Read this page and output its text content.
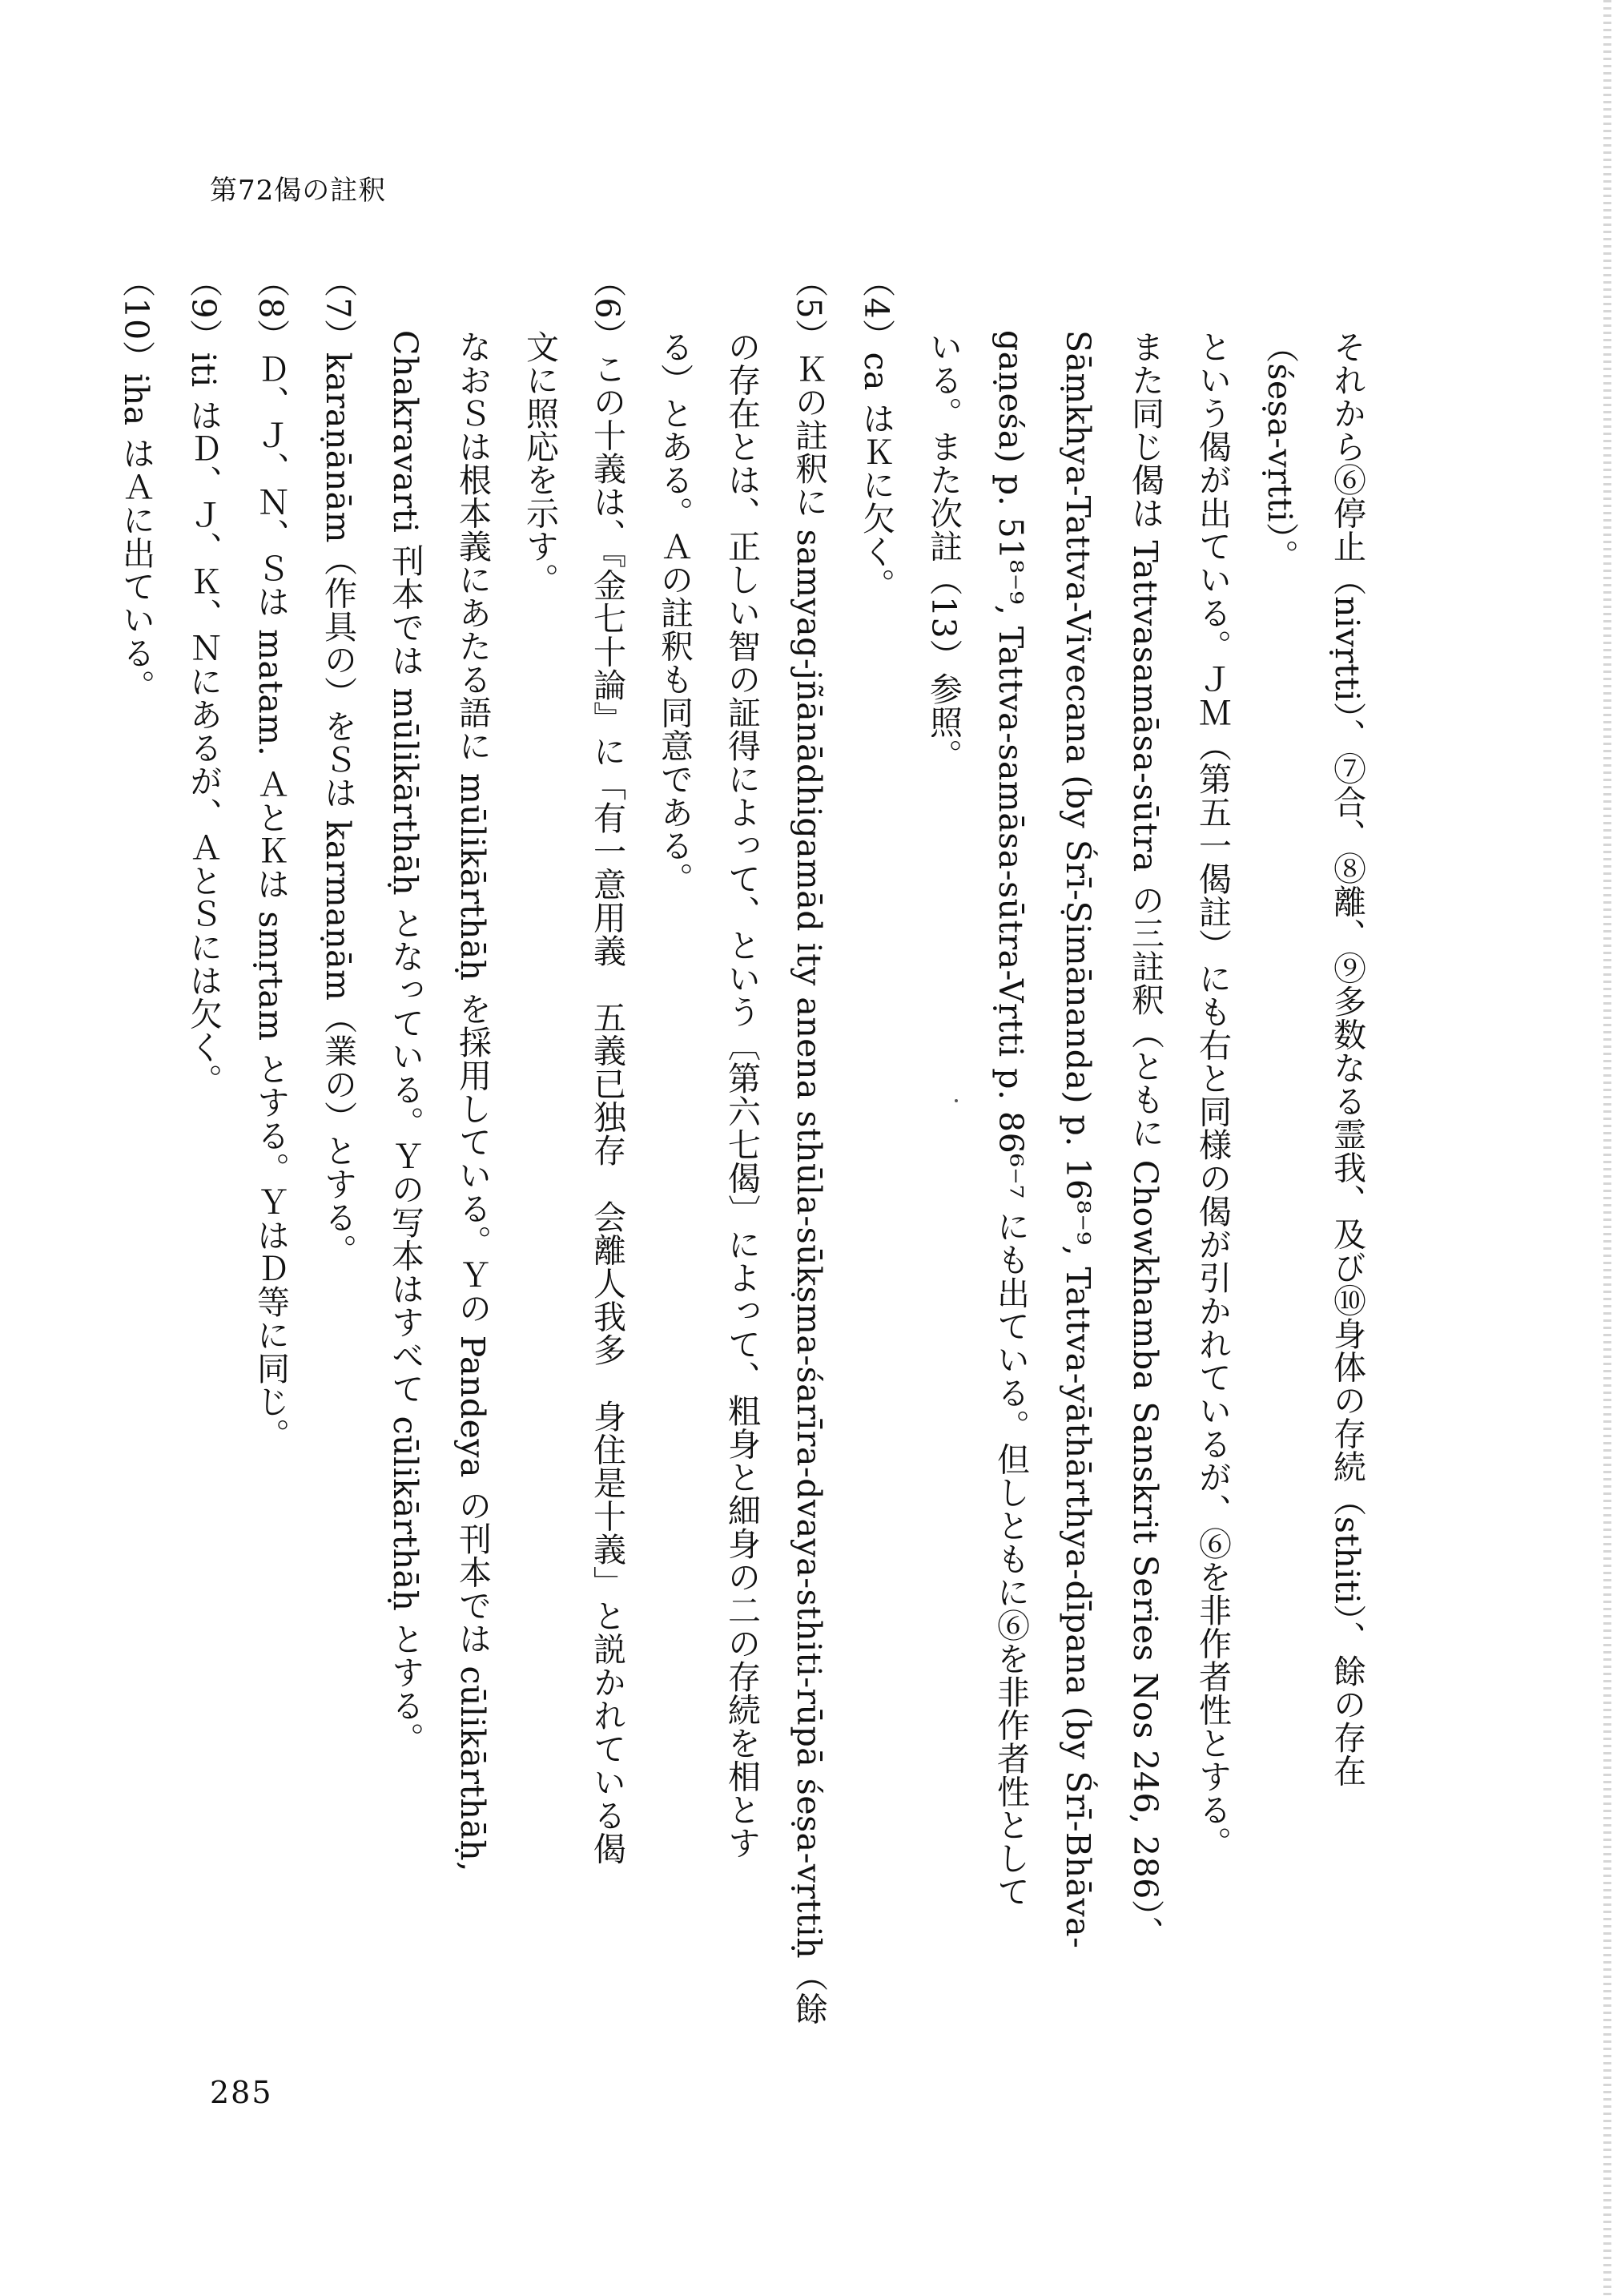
第72偈の註釈

それから⑥停止（nivṛtti）、⑦合、⑧離、⑨多数なる霊我、及び⑩身体の存続（sthiti）、餘の存在

（śeṣa-vṛtti）。

という偈が出ている。ＪＭ（第五一偈註）にも右と同様の偈が引かれているが、⑥を非作者性とする。

また同じ偈は Tattvasamāsa-sūtra の三註釈（ともに Chowkhamba Sanskrit Series Nos 246, 286）、

Sāṃkhya-Tattva-Vivecana (by Śrī-Ṣimānanda) p. 16⁸⁻⁹, Tattva-yāthārthya-dīpana (by Śrī-Bhāva-

gaṇeśa) p. 51⁸⁻⁹, Tattva-samāsa-sūtra-Vṛtti p. 86⁶⁻⁷ にも出ている。但しともに⑥を非作者性として

いる。また次註（13）参照。

（4）ca はＫに欠く。

（5）Ｋの註釈に samyag-jñānādhigamād ity anena sthūla-sūkṣma-śarīra-dvaya-sthiti-rūpā śeṣa-vṛttiḥ（餘

の存在とは、正しい智の証得によって、という〔第六七偈〕によって、粗身と細身の二の存続を相とす

る）とある。Ａの註釈も同意である。

（6）この十義は、『金七十論』に「有一意用義　五義已独存　会離人我多　身住是十義」と説かれている偈

文に照応を示す。

なおＳは根本義にあたる語に mūlikārthāḥ を採用している。Ｙの Pandeya の刊本では cūlikārthāḥ,

Chakravarti 刊本では mūlikārthāḥ となっている。Ｙの写本はすべて cūlikārthāḥ とする。

（7）karaṇānām（作具の）をＳは karmaṇām（業の）とする。

（8）Ｄ、Ｊ、Ｎ、Ｓは matam. ＡとＫは smṛtam とする。ＹはＤ等に同じ。

（9）iti はＤ、Ｊ、Ｋ、Ｎにあるが、ＡとＳには欠く。

（10）iha はＡに出ている。

285
